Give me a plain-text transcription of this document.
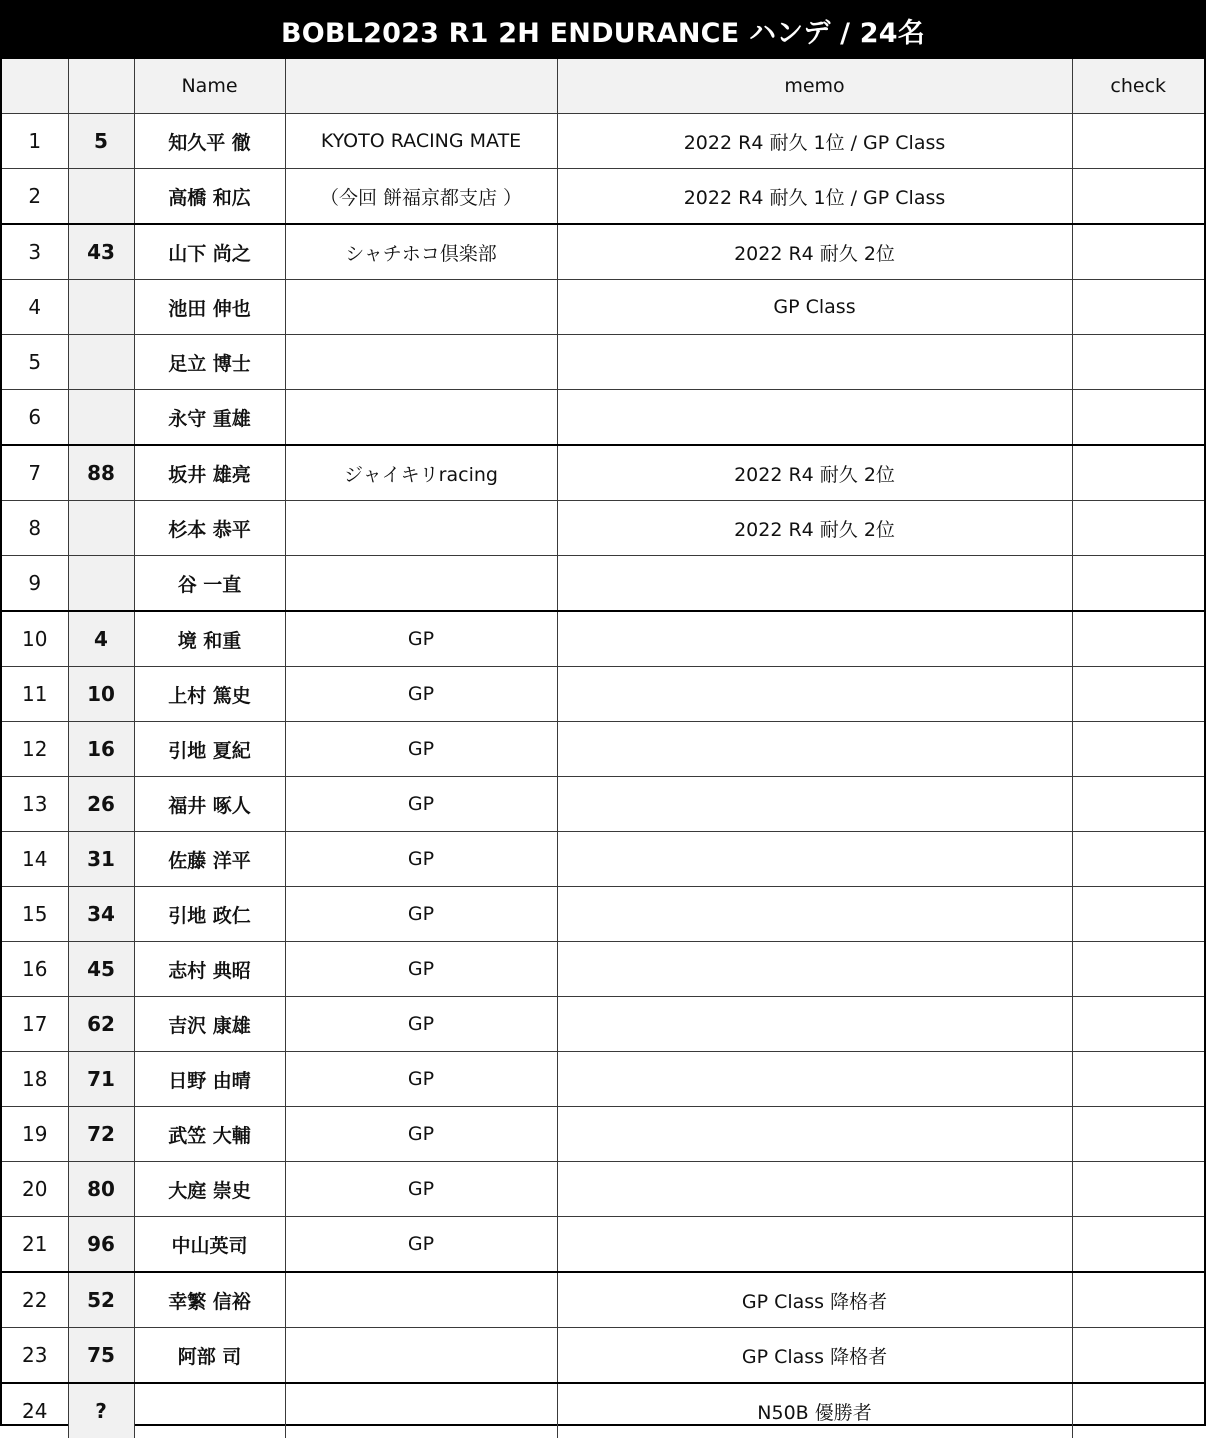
BOBL2023 R1 2H ENDURANCE ハンデ / 24名
		Name		memo	check
1	5	知久平 徹	KYOTO RACING MATE	2022 R4 耐久 1位 / GP Class	
2		高橋 和広	（今回 餅福京都支店 ）	2022 R4 耐久 1位 / GP Class	
3	43	山下 尚之	シャチホコ倶楽部	2022 R4 耐久 2位	
4		池田 伸也		GP Class	
5		足立 博士			
6		永守 重雄			
7	88	坂井 雄亮	ジャイキリracing	2022 R4 耐久 2位	
8		杉本 恭平		2022 R4 耐久 2位	
9		谷 一直			
10	4	境 和重	GP		
11	10	上村 篤史	GP		
12	16	引地 夏紀	GP		
13	26	福井 啄人	GP		
14	31	佐藤 洋平	GP		
15	34	引地 政仁	GP		
16	45	志村 典昭	GP		
17	62	吉沢 康雄	GP		
18	71	日野 由晴	GP		
19	72	武笠 大輔	GP		
20	80	大庭 崇史	GP		
21	96	中山英司	GP		
22	52	幸繁 信裕		GP Class 降格者	
23	75	阿部 司		GP Class 降格者	
24	?			N50B 優勝者	
